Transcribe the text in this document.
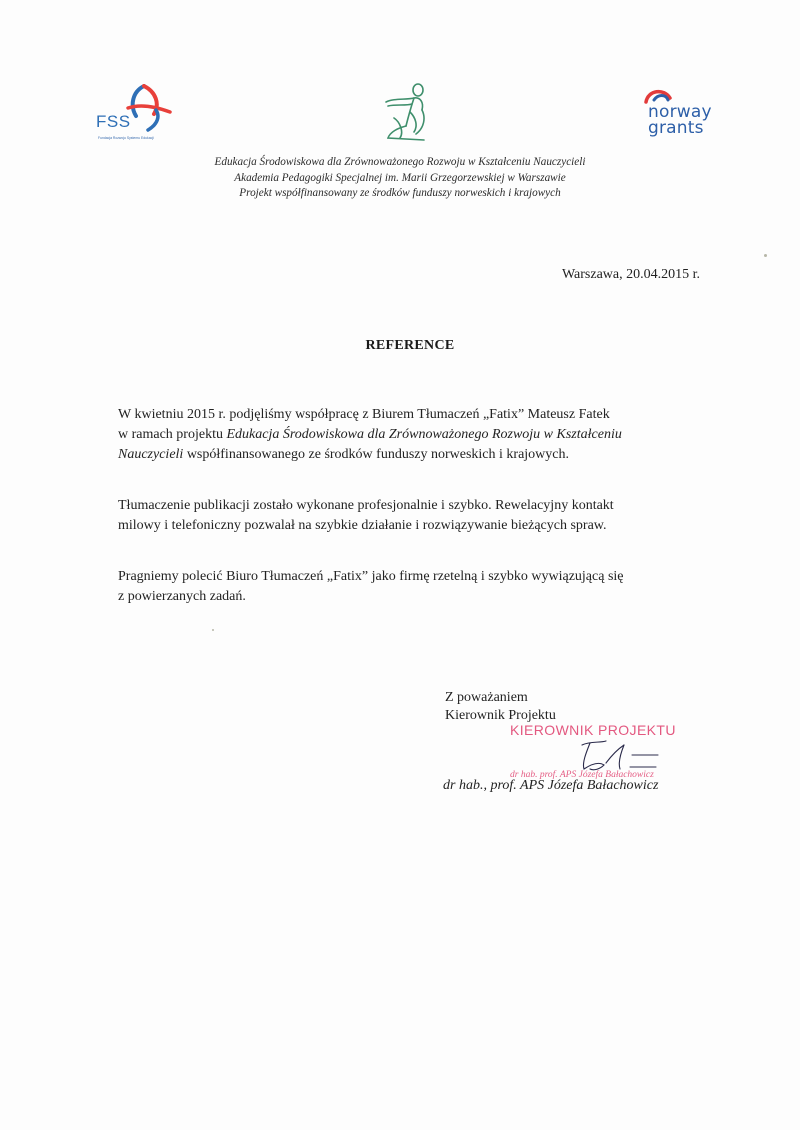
FSS
Fundacja Rozwoju Systemu Edukacji
norway
grants
Edukacja Środowiskowa dla Zrównoważonego Rozwoju w Kształceniu Nauczycieli
Akademia Pedagogiki Specjalnej im. Marii Grzegorzewskiej w Warszawie
Projekt współfinansowany ze środków funduszy norweskich i krajowych
Warszawa, 20.04.2015 r.
REFERENCE
W kwietniu 2015 r. podjęliśmy współpracę z Biurem Tłumaczeń „Fatix” Mateusz Fatek
w ramach projektu Edukacja Środowiskowa dla Zrównoważonego Rozwoju w Kształceniu
Nauczycieli współfinansowanego ze środków funduszy norweskich i krajowych.
Tłumaczenie publikacji zostało wykonane profesjonalnie i szybko. Rewelacyjny kontakt
milowy i telefoniczny pozwalał na szybkie działanie i rozwiązywanie bieżących spraw.
Pragniemy polecić Biuro Tłumaczeń „Fatix” jako firmę rzetelną i szybko wywiązującą się
z powierzanych zadań.
Z poważaniem
Kierownik Projektu
KIEROWNIK PROJEKTU
dr hab. prof. APS Józefa Bałachowicz
dr hab., prof. APS Józefa Bałachowicz
